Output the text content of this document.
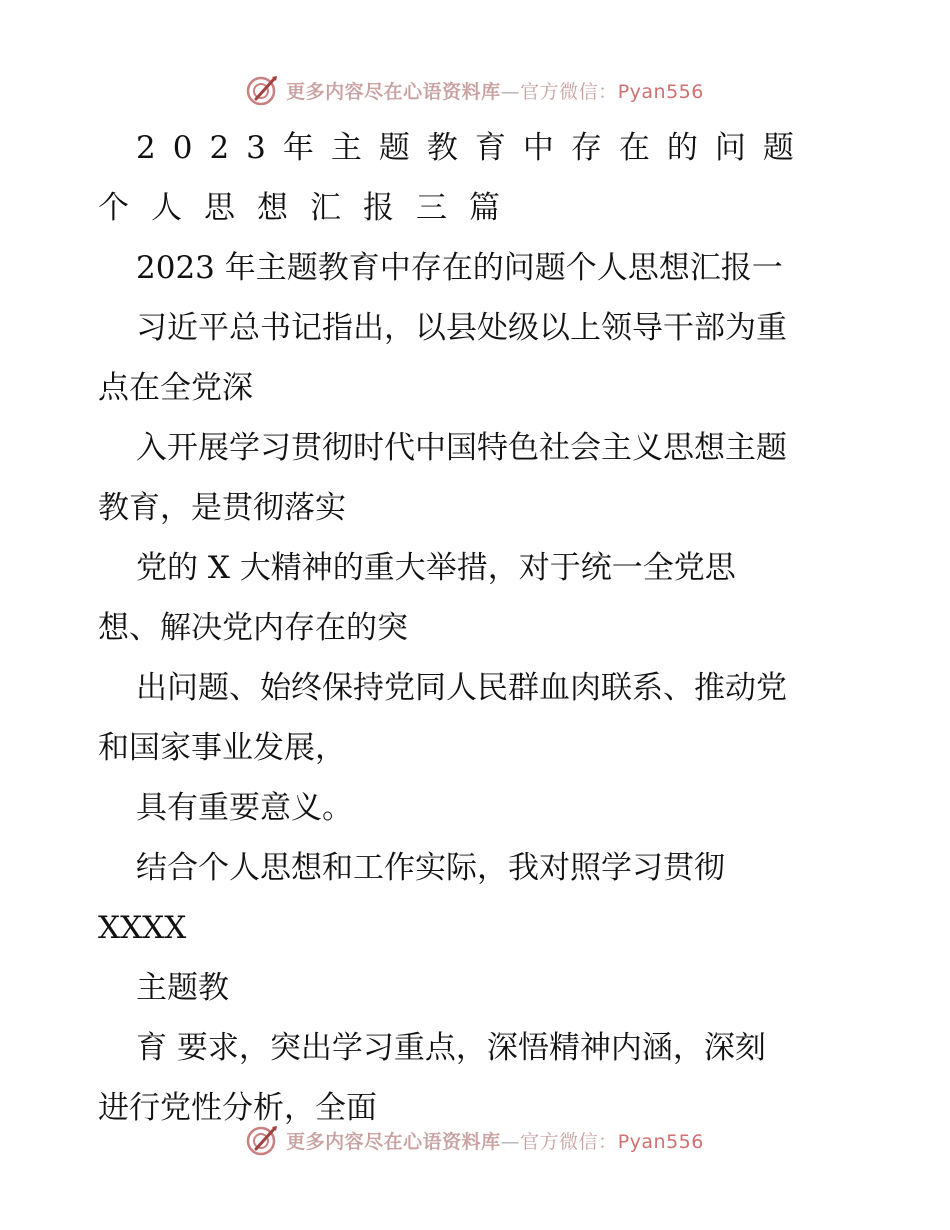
更多内容尽在心语资料库—官方微信：Pyan556
2023年主题教育中存在的问题
个人思想汇报三篇
2023 年主题教育中存在的问题个人思想汇报一
习近平总书记指出，以县处级以上领导干部为重
点在全党深
入开展学习贯彻时代中国特色社会主义思想主题
教育，是贯彻落实
党的 X 大精神的重大举措，对于统一全党思
想、解决党内存在的突
出问题、始终保持党同人民群血肉联系、推动党
和国家事业发展，
具有重要意义。
结合个人思想和工作实际，我对照学习贯彻
XXXX
主题教
育 要求，突出学习重点，深悟精神内涵，深刻
进行党性分析，全面
更多内容尽在心语资料库—官方微信：Pyan556
